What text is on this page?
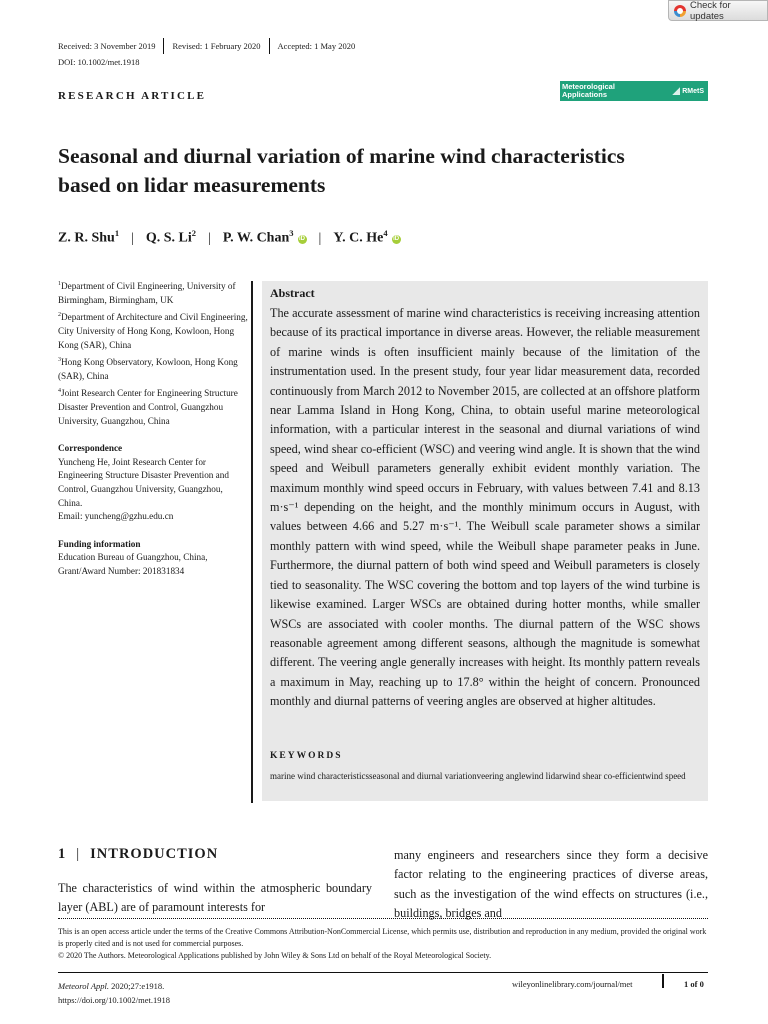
Check for updates
Received: 3 November 2019	Revised: 1 February 2020	Accepted: 1 May 2020
DOI: 10.1002/met.1918
RESEARCH ARTICLE
Meteorological
Applications	RMetS
Seasonal and diurnal variation of marine wind characteristics based on lidar measurements
Z. R. Shu$^1$ | Q. S. Li$^2$ | P. W. Chan$^3$iD | Y. C. He$^4$iD
$^1$Department of Civil Engineering, University of Birmingham, Birmingham, UK
$^2$Department of Architecture and Civil Engineering, City University of Hong Kong, Kowloon, Hong Kong (SAR), China
$^3$Hong Kong Observatory, Kowloon, Hong Kong (SAR), China
$^4$Joint Research Center for Engineering Structure Disaster Prevention and Control, Guangzhou University, Guangzhou, China
Correspondence
Yuncheng He, Joint Research Center for Engineering Structure Disaster Prevention and Control, Guangzhou University, Guangzhou, China.
Email: yuncheng@gzhu.edu.cn
Funding information
Education Bureau of Guangzhou, China, Grant/Award Number: 201831834
Abstract

The accurate assessment of marine wind characteristics is receiving increasing attention because of its practical importance in diverse areas. However, the reliable measurement of marine winds is often insufficient mainly because of the limitation of the instrumentation used. In the present study, four year lidar measurement data, recorded continuously from March 2012 to November 2015, are collected at an offshore platform near Lamma Island in Hong Kong, China, to obtain useful marine meteorological information, with a particular interest in the seasonal and diurnal variations of wind speed, wind shear co-efficient (WSC) and veering wind angle. It is shown that the wind speed and Weibull parameters generally exhibit evident monthly variation. The maximum monthly wind speed occurs in February, with values between 7.41 and 8.13 m·s⁻¹ depending on the height, and the monthly minimum occurs in August, with values between 4.66 and 5.27 m·s⁻¹. The Weibull scale parameter shows a similar monthly pattern with wind speed, while the Weibull shape parameter peaks in June. Furthermore, the diurnal pattern of both wind speed and Weibull parameters is closely tied to seasonality. The WSC covering the bottom and top layers of the wind turbine is likewise examined. Larger WSCs are obtained during hotter months, while smaller WSCs are associated with cooler months. The diurnal pattern of the WSC shows reasonable agreement among different seasons, although the magnitude is somewhat different. The veering angle generally increases with height. Its monthly pattern reveals a maximum in May, reaching up to 17.8° within the height of concern. Pronounced monthly and diurnal patterns of veering angles are observed at higher altitudes.

KEYWORDS
marine wind characteristicsseasonal and diurnal variationveering anglewind lidarwind shear co-efficientwind speed
1 | INTRODUCTION

The characteristics of wind within the atmospheric boundary layer (ABL) are of paramount interests for

many engineers and researchers since they form a decisive factor relating to the engineering practices of diverse areas, such as the investigation of the wind effects on structures (i.e., buildings, bridges and

This is an open access article under the terms of the Creative Commons Attribution-NonCommercial License, which permits use, distribution and reproduction in any medium, provided the original work is properly cited and is not used for commercial purposes.
© 2020 The Authors. Meteorological Applications published by John Wiley & Sons Ltd on behalf of the Royal Meteorological Society.
Meteorol Appl. 2020;27:e1918.
https://doi.org/10.1002/met.1918
wileyonlinelibrary.com/journal/met	1 of 0
